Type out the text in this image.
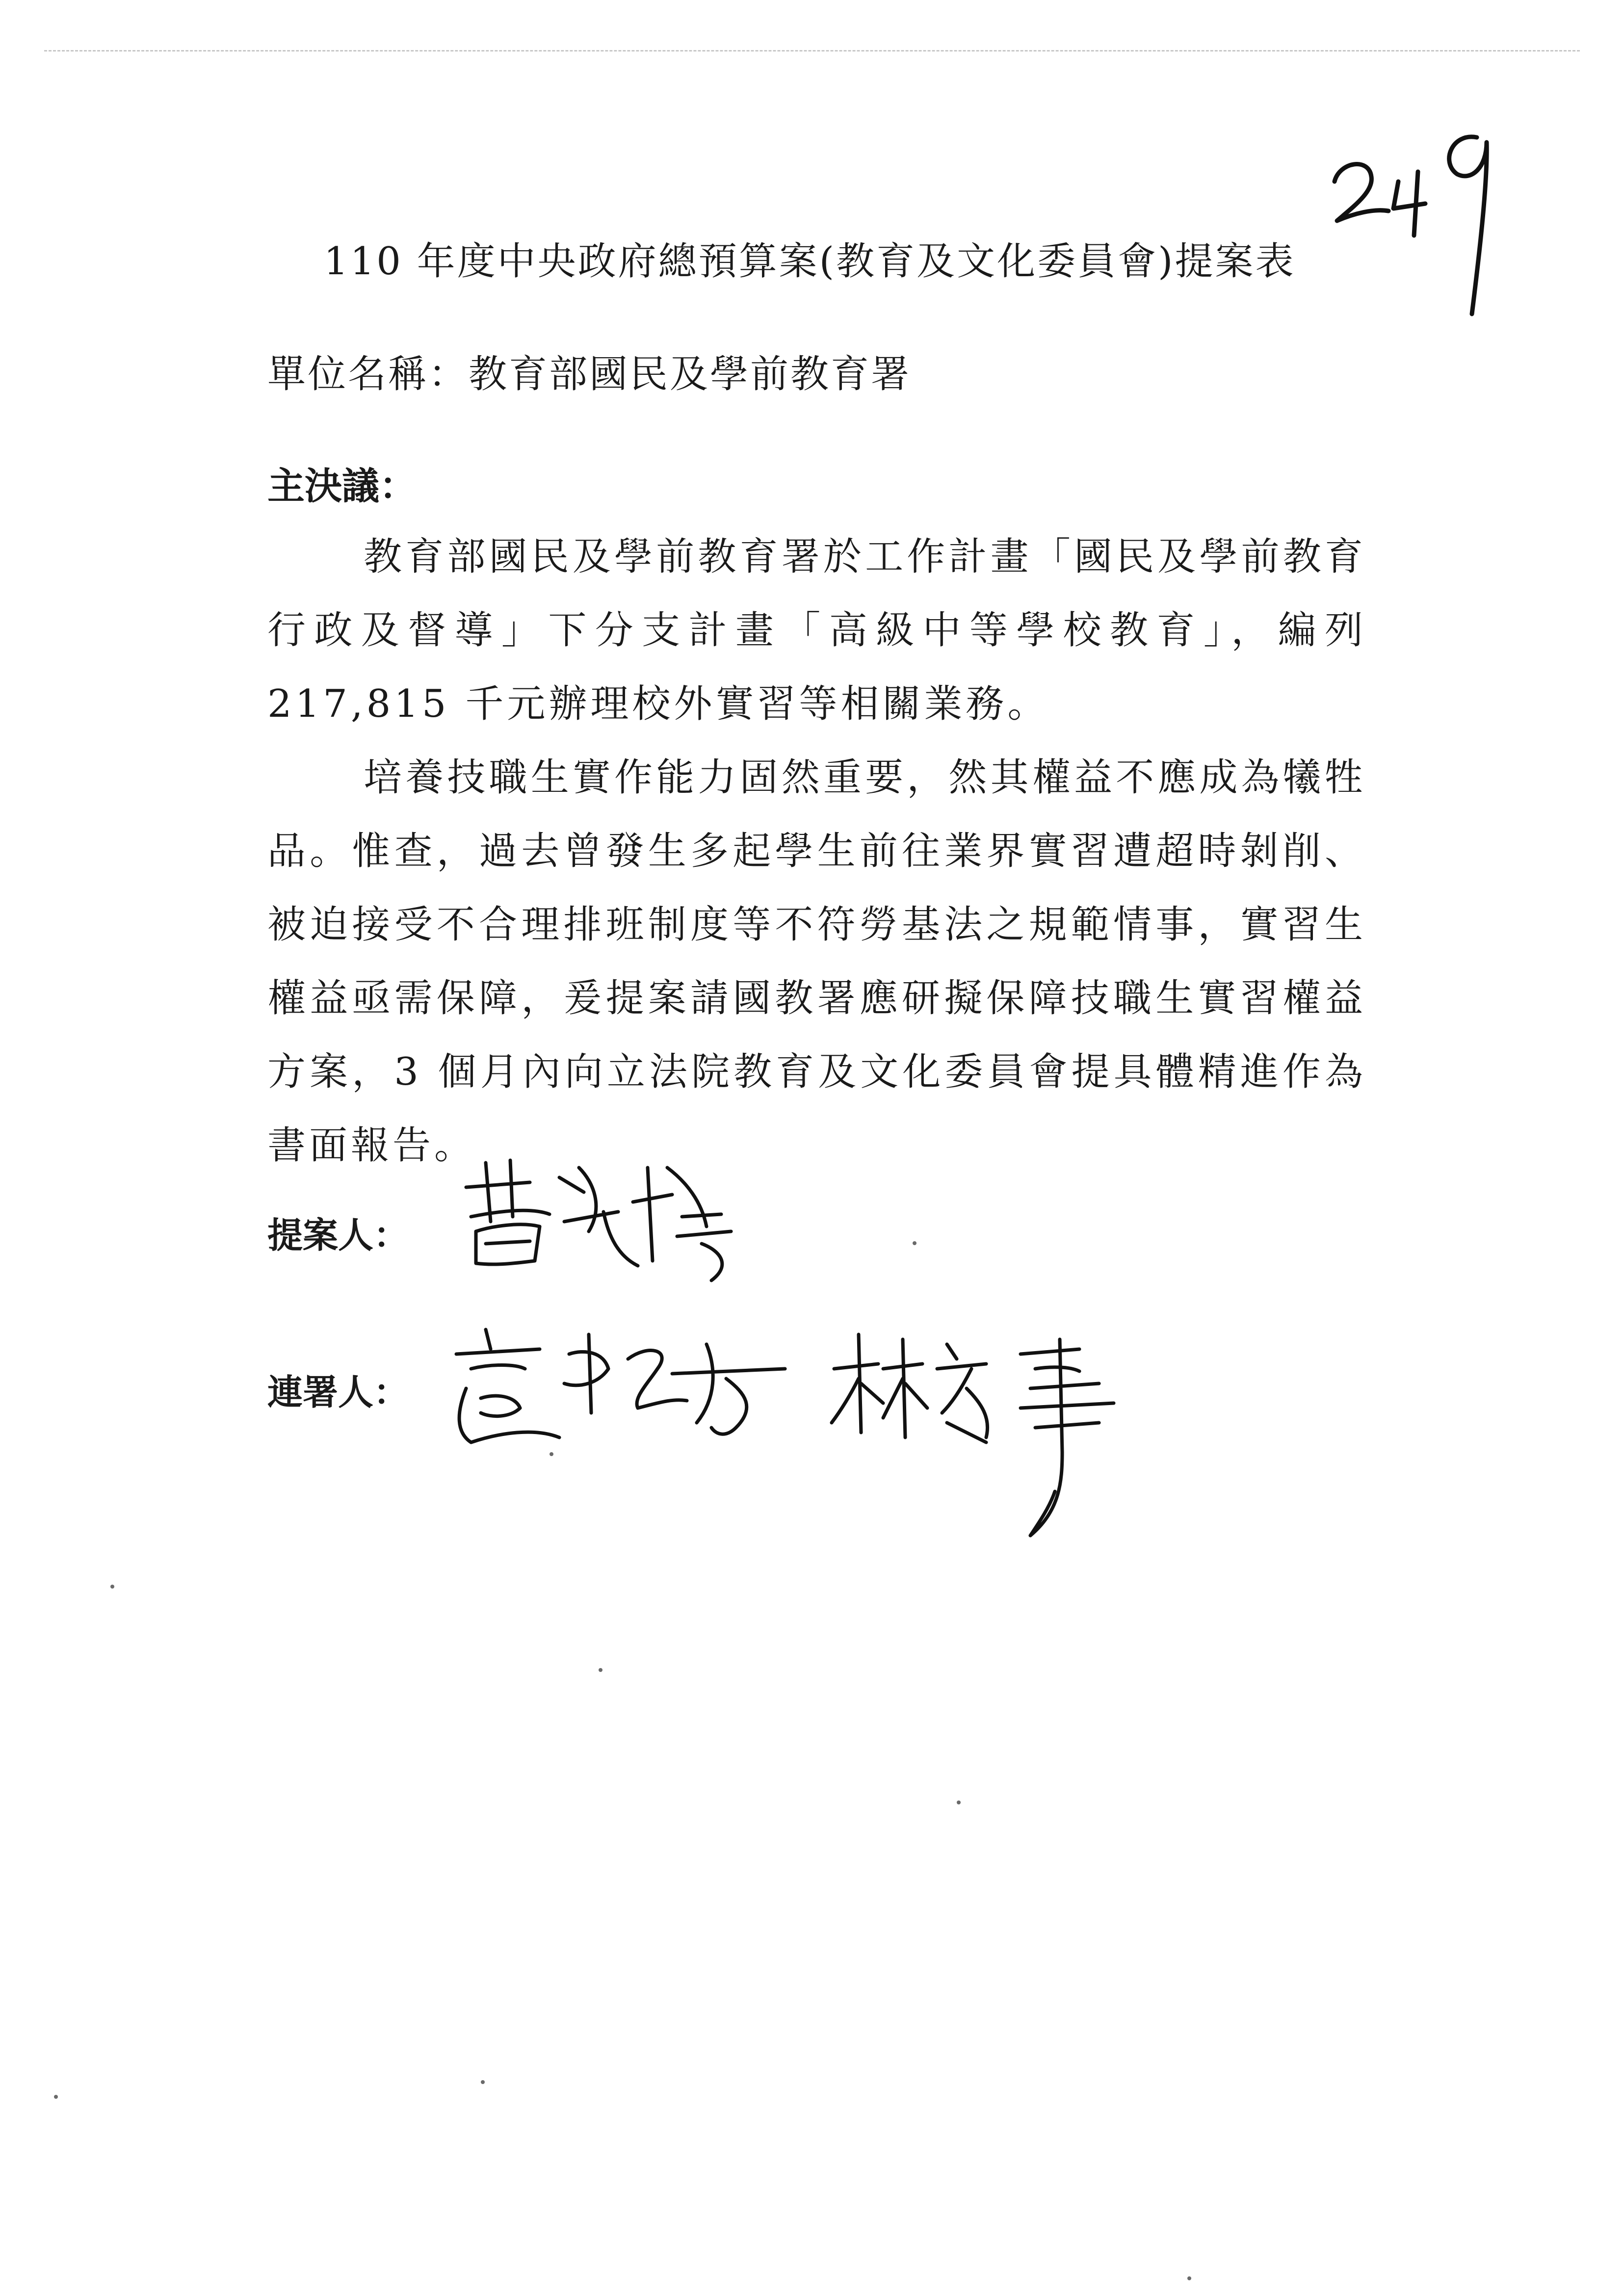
110 年度中央政府總預算案(教育及文化委員會)提案表
單位名稱：教育部國民及學前教育署
主決議：

教育部國民及學前教育署於工作計畫「國民及學前教育行政及督導」下分支計畫「高級中等學校教育」，編列 217,815 千元辦理校外實習等相關業務。

培養技職生實作能力固然重要，然其權益不應成為犧牲品。惟查，過去曾發生多起學生前往業界實習遭超時剝削、被迫接受不合理排班制度等不符勞基法之規範情事，實習生權益亟需保障，爰提案請國教署應研擬保障技職生實習權益方案，3 個月內向立法院教育及文化委員會提具體精進作為書面報告。

提案人：
連署人：
